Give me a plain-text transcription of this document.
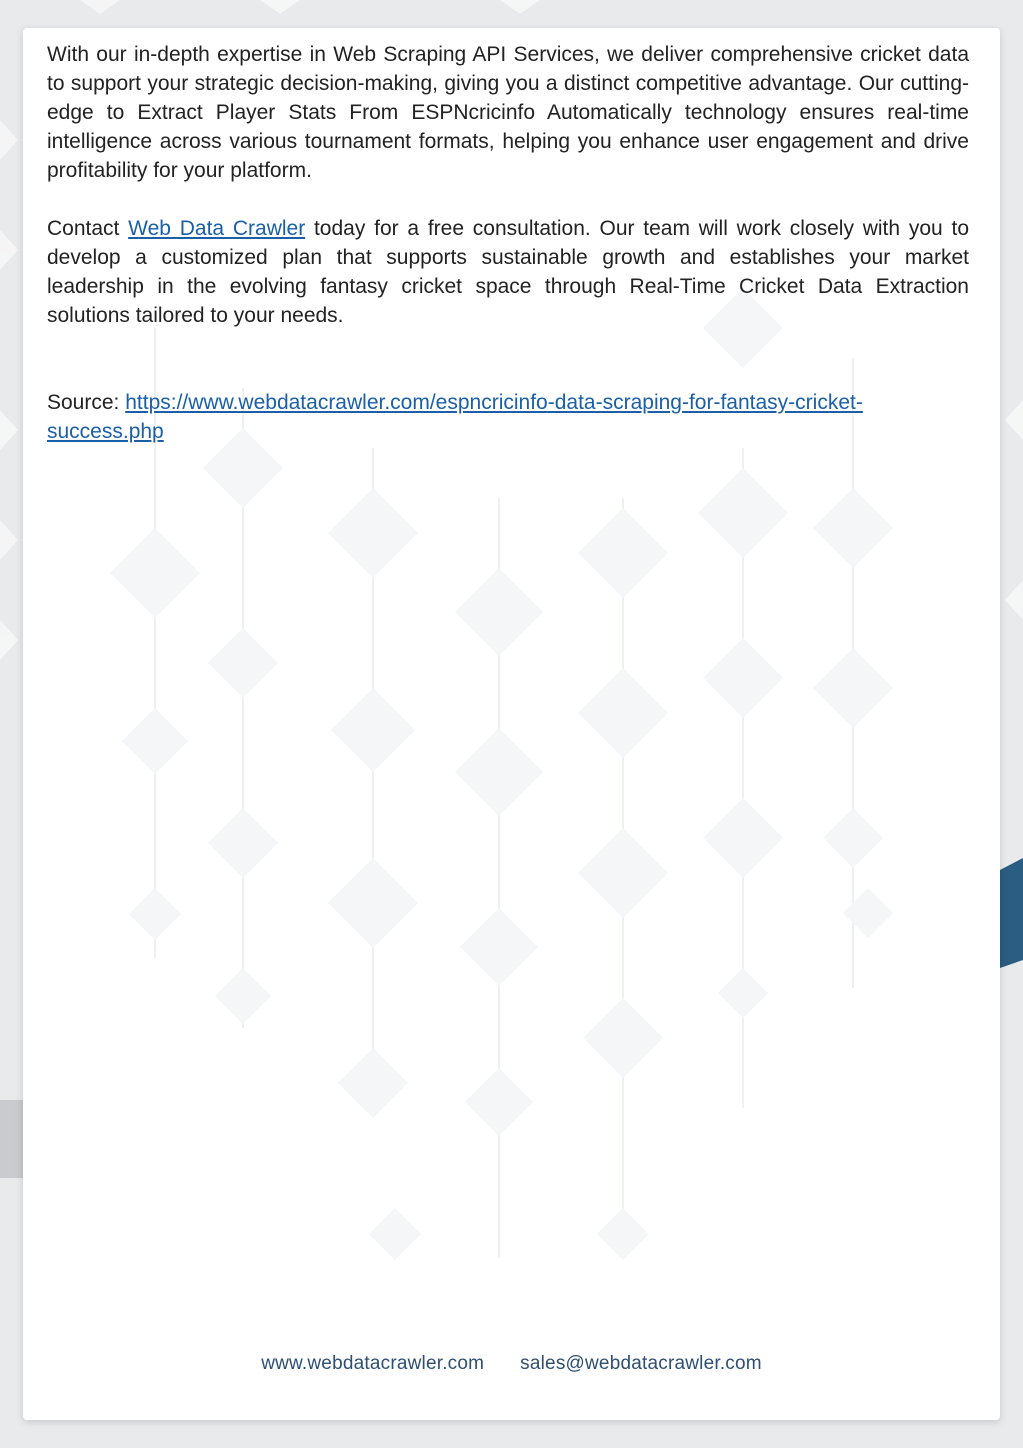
With our in-depth expertise in Web Scraping API Services, we deliver comprehensive cricket data to support your strategic decision-making, giving you a distinct competitive advantage. Our cutting-edge to Extract Player Stats From ESPNcricinfo Automatically technology ensures real-time intelligence across various tournament formats, helping you enhance user engagement and drive profitability for your platform.

Contact Web Data Crawler today for a free consultation. Our team will work closely with you to develop a customized plan that supports sustainable growth and establishes your market leadership in the evolving fantasy cricket space through Real-Time Cricket Data Extraction solutions tailored to your needs.

Source: https://www.webdatacrawler.com/espncricinfo-data-scraping-for-fantasy-cricket-success.php

www.webdatacrawler.com sales@webdatacrawler.com
